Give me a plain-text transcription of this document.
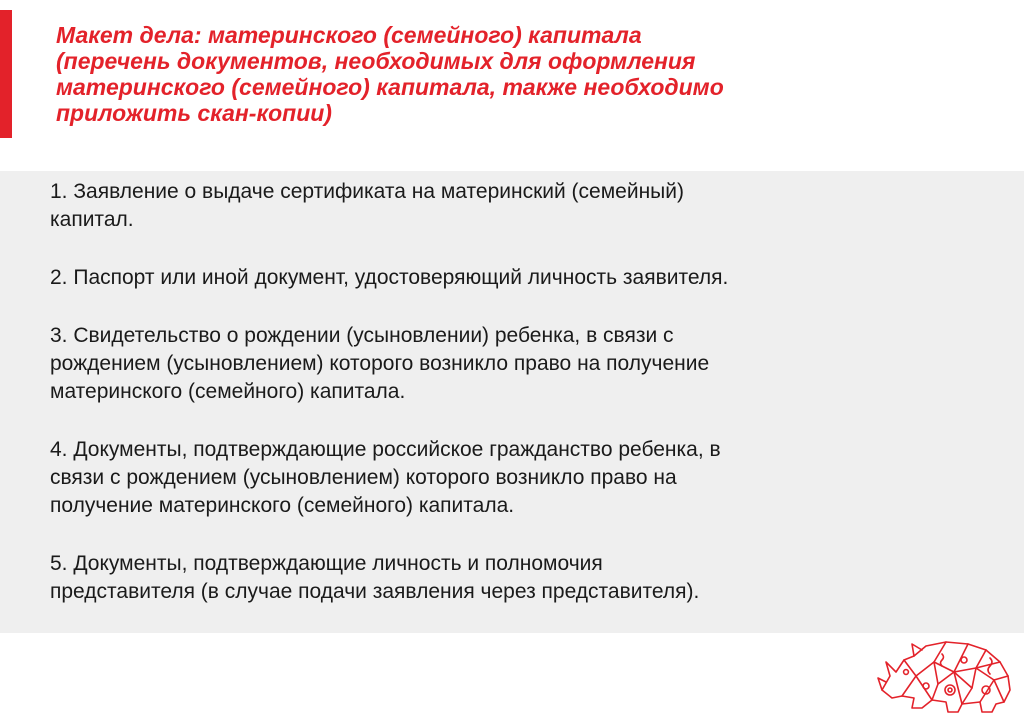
Макет дела: материнского (семейного) капитала
(перечень документов, необходимых для оформления
материнского (семейного) капитала, также необходимо
приложить скан-копии)
1. Заявление о выдаче сертификата на материнский (семейный)
капитал.
2. Паспорт или иной документ, удостоверяющий личность заявителя.
3. Свидетельство о рождении (усыновлении) ребенка, в связи с
рождением (усыновлением) которого возникло право на получение
материнского (семейного) капитала.
4. Документы, подтверждающие российское гражданство ребенка, в
связи с рождением (усыновлением) которого возникло право на
получение материнского (семейного) капитала.
5. Документы, подтверждающие личность и полномочия
представителя (в случае подачи заявления через представителя).
